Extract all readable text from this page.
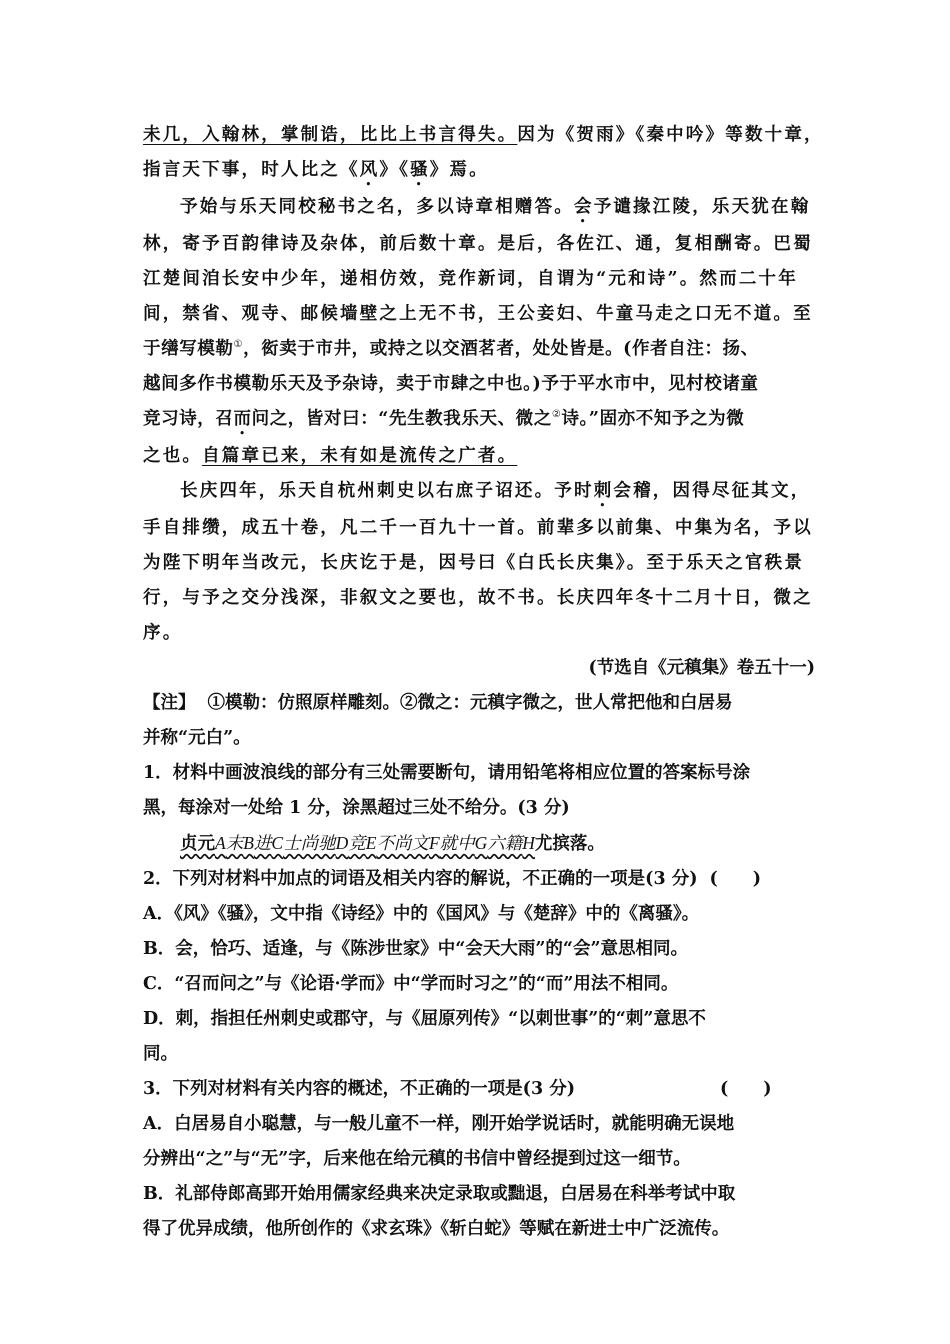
未几，入翰林，掌制诰，比比上书言得失。因为《贺雨》《秦中吟》等数十章，
指言天下事，时人比之《风》《骚》焉。
予始与乐天同校秘书之名，多以诗章相赠答。会予谴掾江陵，乐天犹在翰
林，寄予百韵律诗及杂体，前后数十章。是后，各佐江、通，复相酬寄。巴蜀
江楚间洎长安中少年，递相仿效，竞作新词，自谓为“元和诗”。然而二十年
间，禁省、观寺、邮候墙壁之上无不书，王公妾妇、牛童马走之口无不道。至
于缮写模勒①，衒卖于市井，或持之以交酒茗者，处处皆是。(作者自注：扬、
越间多作书模勒乐天及予杂诗，卖于市肆之中也。)予于平水市中，见村校诸童
竞习诗，召而问之，皆对曰：“先生教我乐天、微之②诗。”固亦不知予之为微
之也。自篇章已来，未有如是流传之广者。
长庆四年，乐天自杭州刺史以右庶子诏还。予时刺会稽，因得尽征其文，
手自排缵，成五十卷，凡二千一百九十一首。前辈多以前集、中集为名，予以
为陛下明年当改元，长庆讫于是，因号曰《白氏长庆集》。至于乐天之官秩景
行，与予之交分浅深，非叙文之要也，故不书。长庆四年冬十二月十日，微之
序。
(节选自《元稹集》卷五十一)
【注】 ①模勒：仿照原样雕刻。②微之：元稹字微之，世人常把他和白居易
并称“元白”。
1．材料中画波浪线的部分有三处需要断句，请用铅笔将相应位置的答案标号涂
黑，每涂对一处给 1 分，涂黑超过三处不给分。(3 分)
贞元A末B进C士尚驰D竞E不尚文F就中G六籍H尤摈落。
2．下列对材料中加点的词语及相关内容的解说，不正确的一项是(3 分) (　　)
A．《风》《骚》，文中指《诗经》中的《国风》与《楚辞》中的《离骚》。
B．会，恰巧、适逢，与《陈涉世家》中“会天大雨”的“会”意思相同。
C．“召而问之”与《论语·学而》中“学而时习之”的“而”用法不相同。
D．刺，指担任州刺史或郡守，与《屈原列传》“以刺世事”的“刺”意思不
同。
3．下列对材料有关内容的概述，不正确的一项是(3 分)	(　　)
A．白居易自小聪慧，与一般儿童不一样，刚开始学说话时，就能明确无误地
分辨出“之”与“无”字，后来他在给元稹的书信中曾经提到过这一细节。
B．礼部侍郎高郢开始用儒家经典来决定录取或黜退，白居易在科举考试中取
得了优异成绩，他所创作的《求玄珠》《斩白蛇》等赋在新进士中广泛流传。
